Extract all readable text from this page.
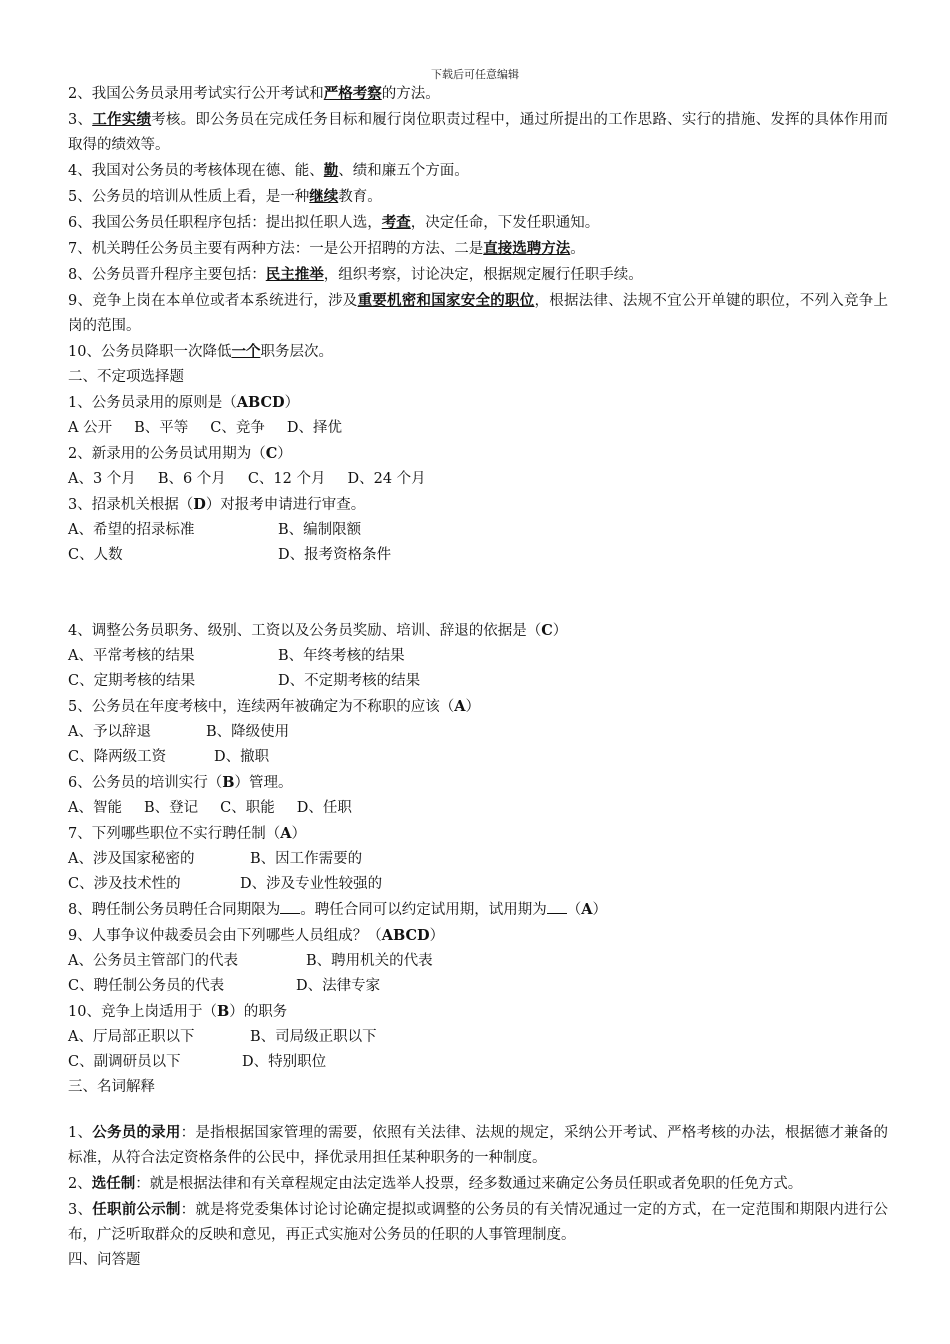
下载后可任意编辑
2、我国公务员录用考试实行公开考试和严格考察的方法。
3、工作实绩考核。即公务员在完成任务目标和履行岗位职责过程中，通过所提出的工作思路、实行的措施、发挥的具体作用而取得的绩效等。
4、我国对公务员的考核体现在德、能、勤、绩和廉五个方面。
5、公务员的培训从性质上看，是一种继续教育。
6、我国公务员任职程序包括：提出拟任职人选，考查，决定任命，下发任职通知。
7、机关聘任公务员主要有两种方法：一是公开招聘的方法、二是直接选聘方法。
8、公务员晋升程序主要包括：民主推举，组织考察，讨论决定，根据规定履行任职手续。
9、竞争上岗在本单位或者本系统进行，涉及重要机密和国家安全的职位，根据法律、法规不宜公开单键的职位，不列入竞争上岗的范围。
10、公务员降职一次降低一个职务层次。
二、不定项选择题
1、公务员录用的原则是（ABCD）
A 公开 B、平等 C、竞争 D、择优
2、新录用的公务员试用期为（C）
A、3 个月 B、6 个月 C、12 个月 D、24 个月
3、招录机关根据（D）对报考申请进行审查。
A、希望的招录标准	B、编制限额
C、人数	D、报考资格条件
4、调整公务员职务、级别、工资以及公务员奖励、培训、辞退的依据是（C）
A、平常考核的结果	B、年终考核的结果
C、定期考核的结果	D、不定期考核的结果
5、公务员在年度考核中，连续两年被确定为不称职的应该（A）
A、予以辞退	B、降级使用
C、降两级工资	D、撤职
6、公务员的培训实行（B）管理。
A、智能 B、登记 C、职能 D、任职
7、下列哪些职位不实行聘任制（A）
A、涉及国家秘密的	B、因工作需要的
C、涉及技术性的	D、涉及专业性较强的
8、聘任制公务员聘任合同期限为 。聘任合同可以约定试用期，试用期为 （A）
9、人事争议仲裁委员会由下列哪些人员组成？（ABCD）
A、公务员主管部门的代表	B、聘用机关的代表
C、聘任制公务员的代表	D、法律专家
10、竞争上岗适用于（B）的职务
A、厅局部正职以下	B、司局级正职以下
C、副调研员以下	D、特别职位
三、名词解释
1、公务员的录用：是指根据国家管理的需要，依照有关法律、法规的规定，采纳公开考试、严格考核的办法，根据德才兼备的标准，从符合法定资格条件的公民中，择优录用担任某种职务的一种制度。
2、选任制：就是根据法律和有关章程规定由法定选举人投票，经多数通过来确定公务员任职或者免职的任免方式。
3、任职前公示制：就是将党委集体讨论讨论确定提拟或调整的公务员的有关情况通过一定的方式，在一定范围和期限内进行公布，广泛听取群众的反映和意见，再正式实施对公务员的任职的人事管理制度。
四、问答题
